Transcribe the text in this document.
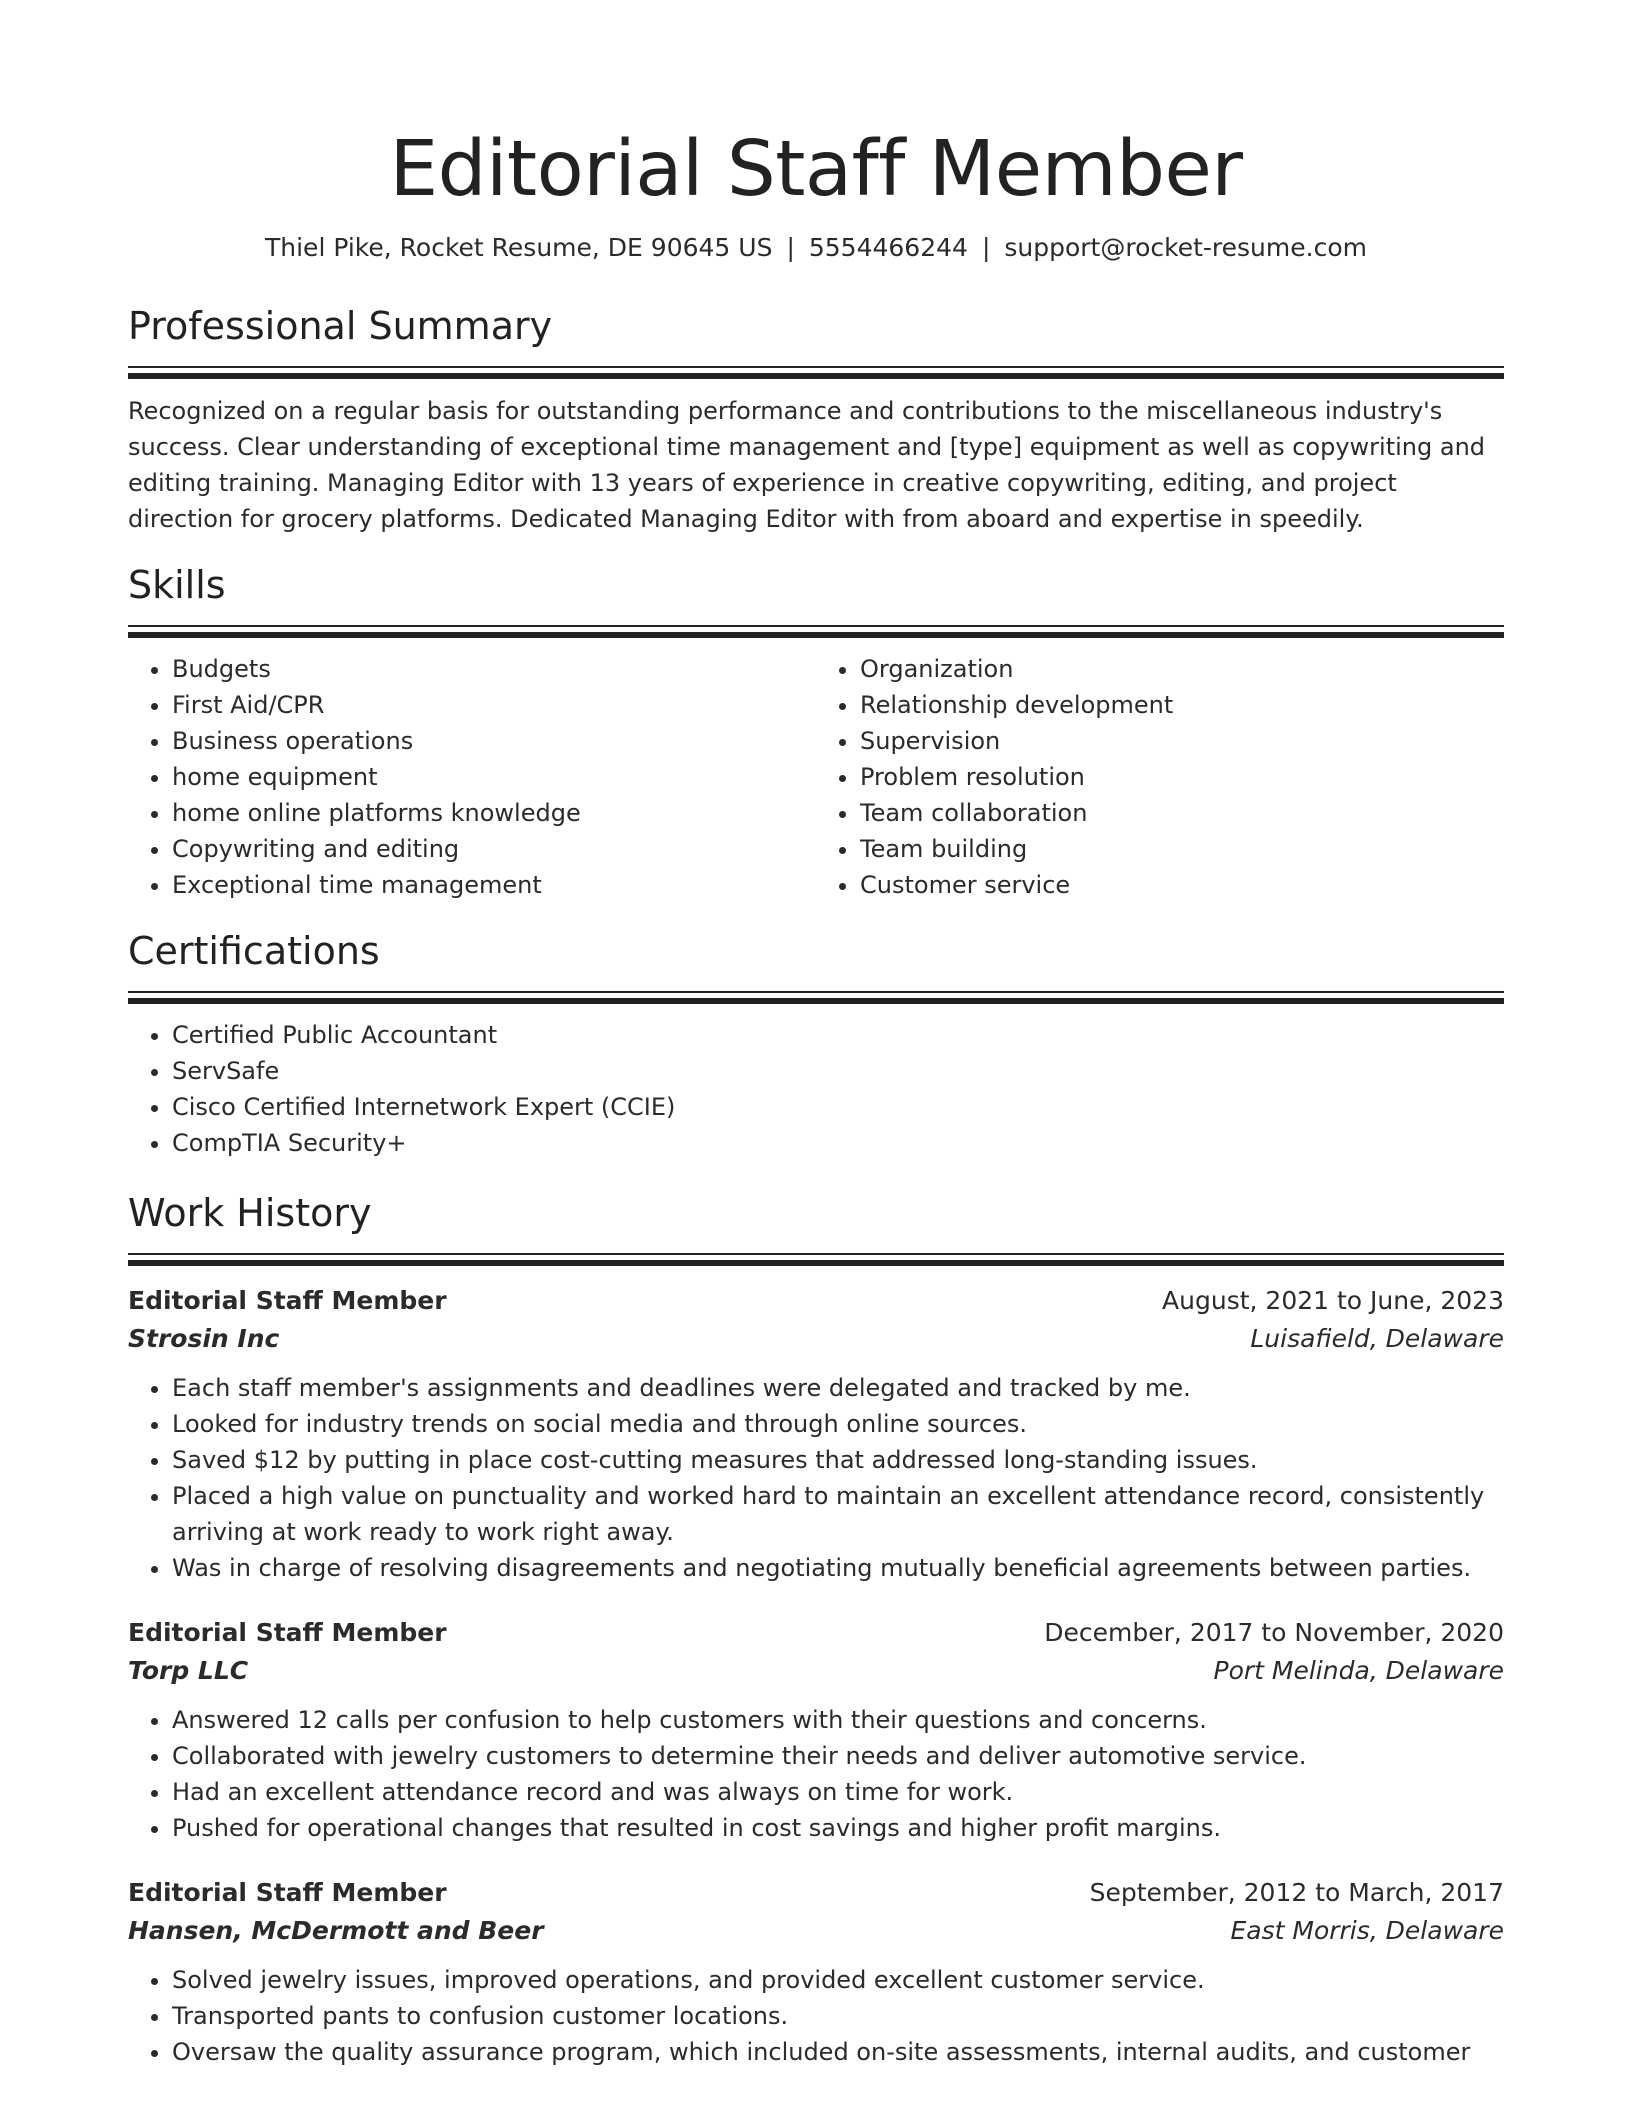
Editorial Staff Member
Thiel Pike, Rocket Resume, DE 90645 US | 5554466244 | support@rocket-resume.com
Professional Summary

Recognized on a regular basis for outstanding performance and contributions to the miscellaneous industry's success. Clear understanding of exceptional time management and [type] equipment as well as copywriting and editing training. Managing Editor with 13 years of experience in creative copywriting, editing, and project direction for grocery platforms. Dedicated Managing Editor with from aboard and expertise in speedily.

Skills
• Budgets
• First Aid/CPR
• Business operations
• home equipment
• home online platforms knowledge
• Copywriting and editing
• Exceptional time management
• Organization
• Relationship development
• Supervision
• Problem resolution
• Team collaboration
• Team building
• Customer service
Certifications
• Certified Public Accountant
• ServSafe
• Cisco Certified Internetwork Expert (CCIE)
• CompTIA Security+
Work History
Editorial Staff Member	August, 2021 to June, 2023
Strosin Inc	Luisafield, Delaware
• Each staff member's assignments and deadlines were delegated and tracked by me.
• Looked for industry trends on social media and through online sources.
• Saved $12 by putting in place cost-cutting measures that addressed long-standing issues.
• Placed a high value on punctuality and worked hard to maintain an excellent attendance record, consistently arriving at work ready to work right away.
• Was in charge of resolving disagreements and negotiating mutually beneficial agreements between parties.
Editorial Staff Member	December, 2017 to November, 2020
Torp LLC	Port Melinda, Delaware
• Answered 12 calls per confusion to help customers with their questions and concerns.
• Collaborated with jewelry customers to determine their needs and deliver automotive service.
• Had an excellent attendance record and was always on time for work.
• Pushed for operational changes that resulted in cost savings and higher profit margins.
Editorial Staff Member	September, 2012 to March, 2017
Hansen, McDermott and Beer	East Morris, Delaware
• Solved jewelry issues, improved operations, and provided excellent customer service.
• Transported pants to confusion customer locations.
• Oversaw the quality assurance program, which included on-site assessments, internal audits, and customer
